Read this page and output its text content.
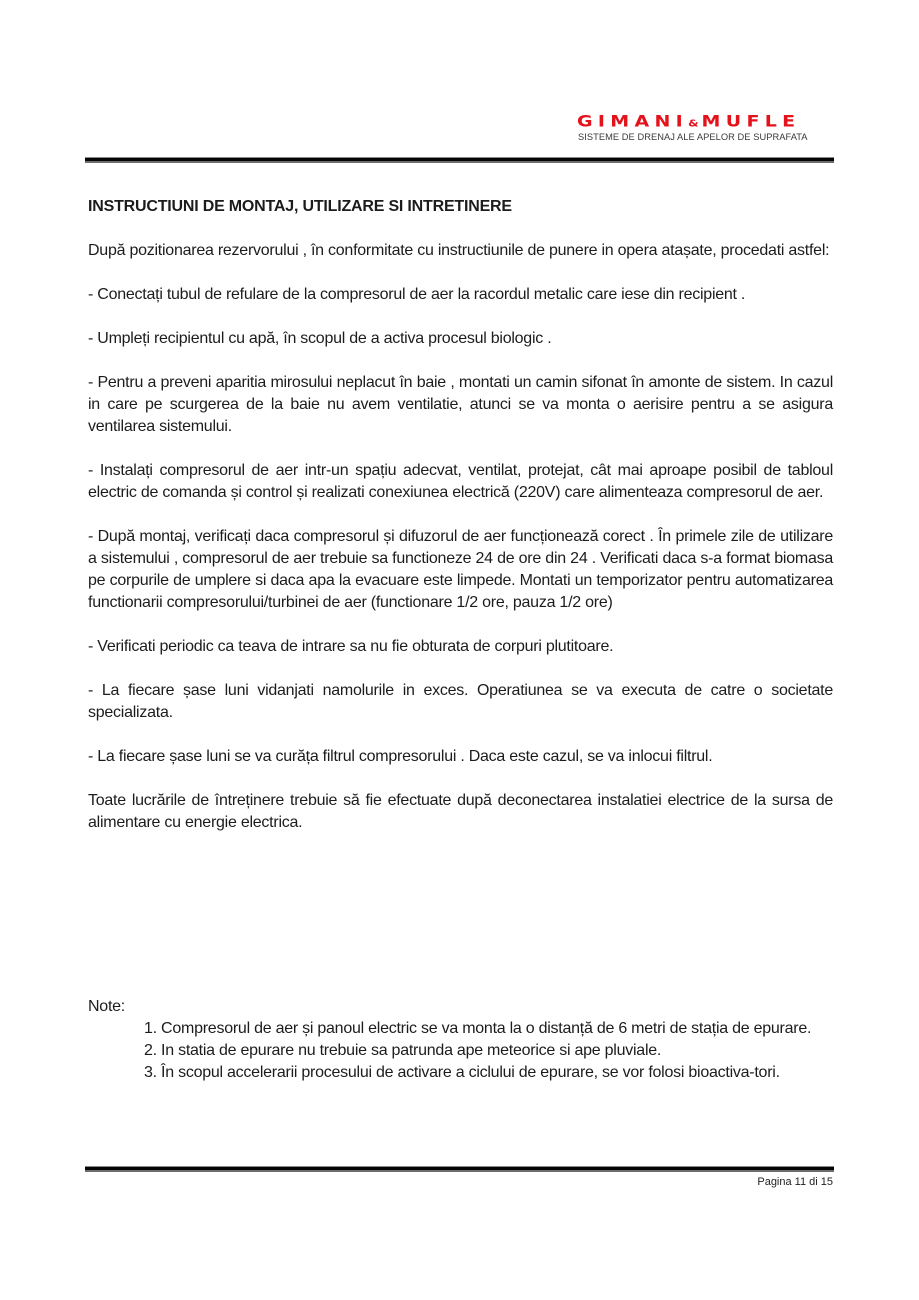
GIMANI& MUFLE
SISTEME DE DRENAJ ALE APELOR DE SUPRAFATA
INSTRUCTIUNI DE MONTAJ, UTILIZARE SI INTRETINERE

După pozitionarea rezervorului , în conformitate cu instructiunile de punere in opera atașate, procedati astfel:

- Conectați tubul de refulare de la compresorul de aer la racordul metalic care iese din recipient .

- Umpleți recipientul cu apă, în scopul de a activa procesul biologic .

- Pentru a preveni aparitia mirosului neplacut în baie , montati un camin sifonat în amonte de sistem. In cazul in care pe scurgerea de la baie nu avem ventilatie, atunci se va monta o aerisire pentru a se asigura ventilarea sistemului.

- Instalați compresorul de aer intr-un spațiu adecvat, ventilat, protejat, cât mai aproape posibil de tabloul electric de comanda și control și realizati conexiunea electrică (220V) care alimenteaza compresorul de aer.

- După montaj, verificați daca compresorul și difuzorul de aer funcționează corect . În primele zile de utilizare a sistemului , compresorul de aer trebuie sa functioneze 24 de ore din 24 . Verificati daca s-a format biomasa pe corpurile de umplere si daca apa la evacuare este limpede. Montati un temporizator pentru automatizarea functionarii compresorului/turbinei de aer (functionare 1/2 ore, pauza 1/2 ore)

- Verificati periodic ca teava de intrare sa nu fie obturata de corpuri plutitoare.

- La fiecare șase luni vidanjati namolurile in exces. Operatiunea se va executa de catre o societate specializata.

- La fiecare șase luni se va curăța filtrul compresorului . Daca este cazul, se va inlocui filtrul.

Toate lucrările de întreținere trebuie să fie efectuate după deconectarea instalatiei electrice de la sursa de alimentare cu energie electrica.

Note:

1. Compresorul de aer și panoul electric se va monta la o distanță de 6 metri de stația de epurare.

2. In statia de epurare nu trebuie sa patrunda ape meteorice si ape pluviale.

3. În scopul accelerarii procesului de activare a ciclului de epurare, se vor folosi bioactiva-tori.

Pagina 11 di 15
